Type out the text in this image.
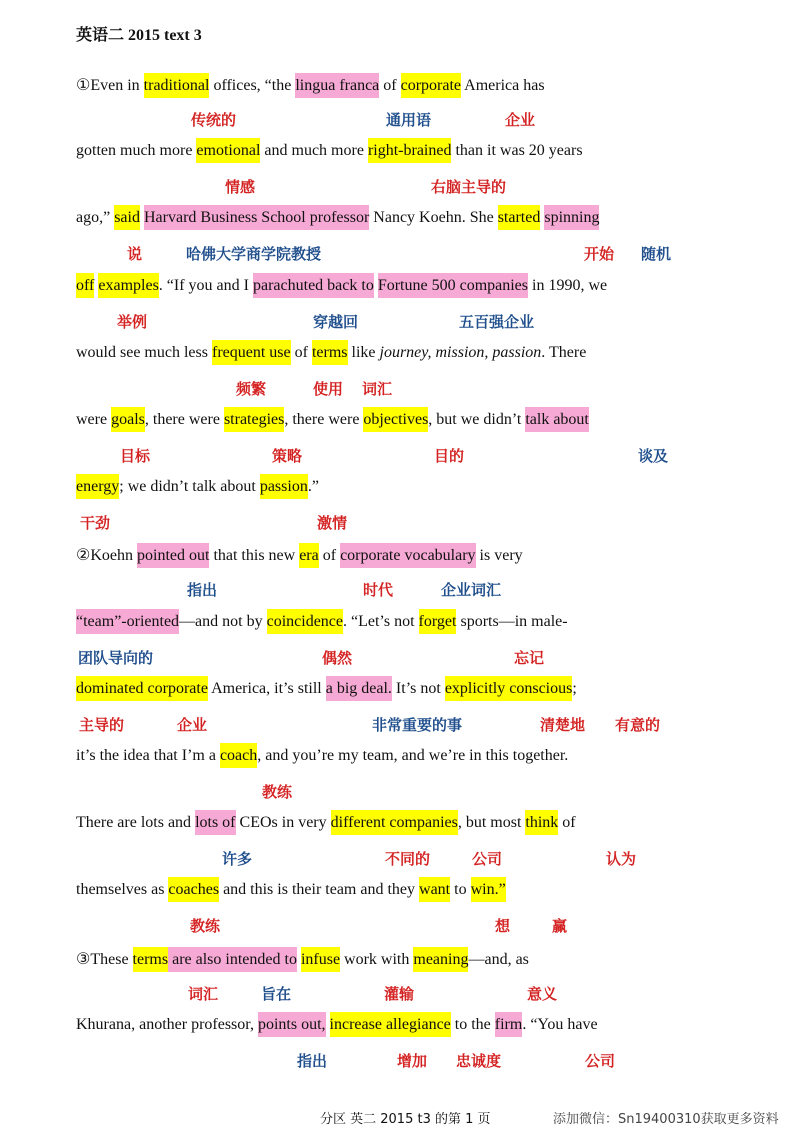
英语二 2015 text 3
①Even in traditional offices, “the lingua franca of corporate America has
传统的	通用语	企业
gotten much more emotional and much more right-brained than it was 20 years
情感	右脑主导的
ago,” said Harvard Business School professor Nancy Koehn. She started spinning
说	哈佛大学商学院教授	开始 随机
off examples. “If you and I parachuted back to Fortune 500 companies in 1990, we
举例	穿越回	五百强企业
would see much less frequent use of terms like journey, mission, passion. There
频繁	使用 词汇
were goals, there were strategies, there were objectives, but we didn’t talk about
目标	策略	目的	谈及
energy; we didn’t talk about passion.”
干劲	激情
②Koehn pointed out that this new era of corporate vocabulary is very
指出	时代	企业词汇
“team”-oriented—and not by coincidence. “Let’s not forget sports—in male-
团队导向的	偶然	忘记
dominated corporate America, it’s still a big deal. It’s not explicitly conscious;
主导的	企业	非常重要的事	清楚地 有意的
it’s the idea that I’m a coach, and you’re my team, and we’re in this together.
教练
There are lots and lots of CEOs in very different companies, but most think of
许多	不同的	公司	认为
themselves as coaches and this is their team and they want to win.”
教练	想	赢
③These terms are also intended to infuse work with meaning—and, as
词汇	旨在	灌输	意义
Khurana, another professor, points out, increase allegiance to the firm. “You have
指出	增加 忠诚度	公司
分区 英二 2015 t3 的第 1 页	添加微信：Sn19400310获取更多资料
